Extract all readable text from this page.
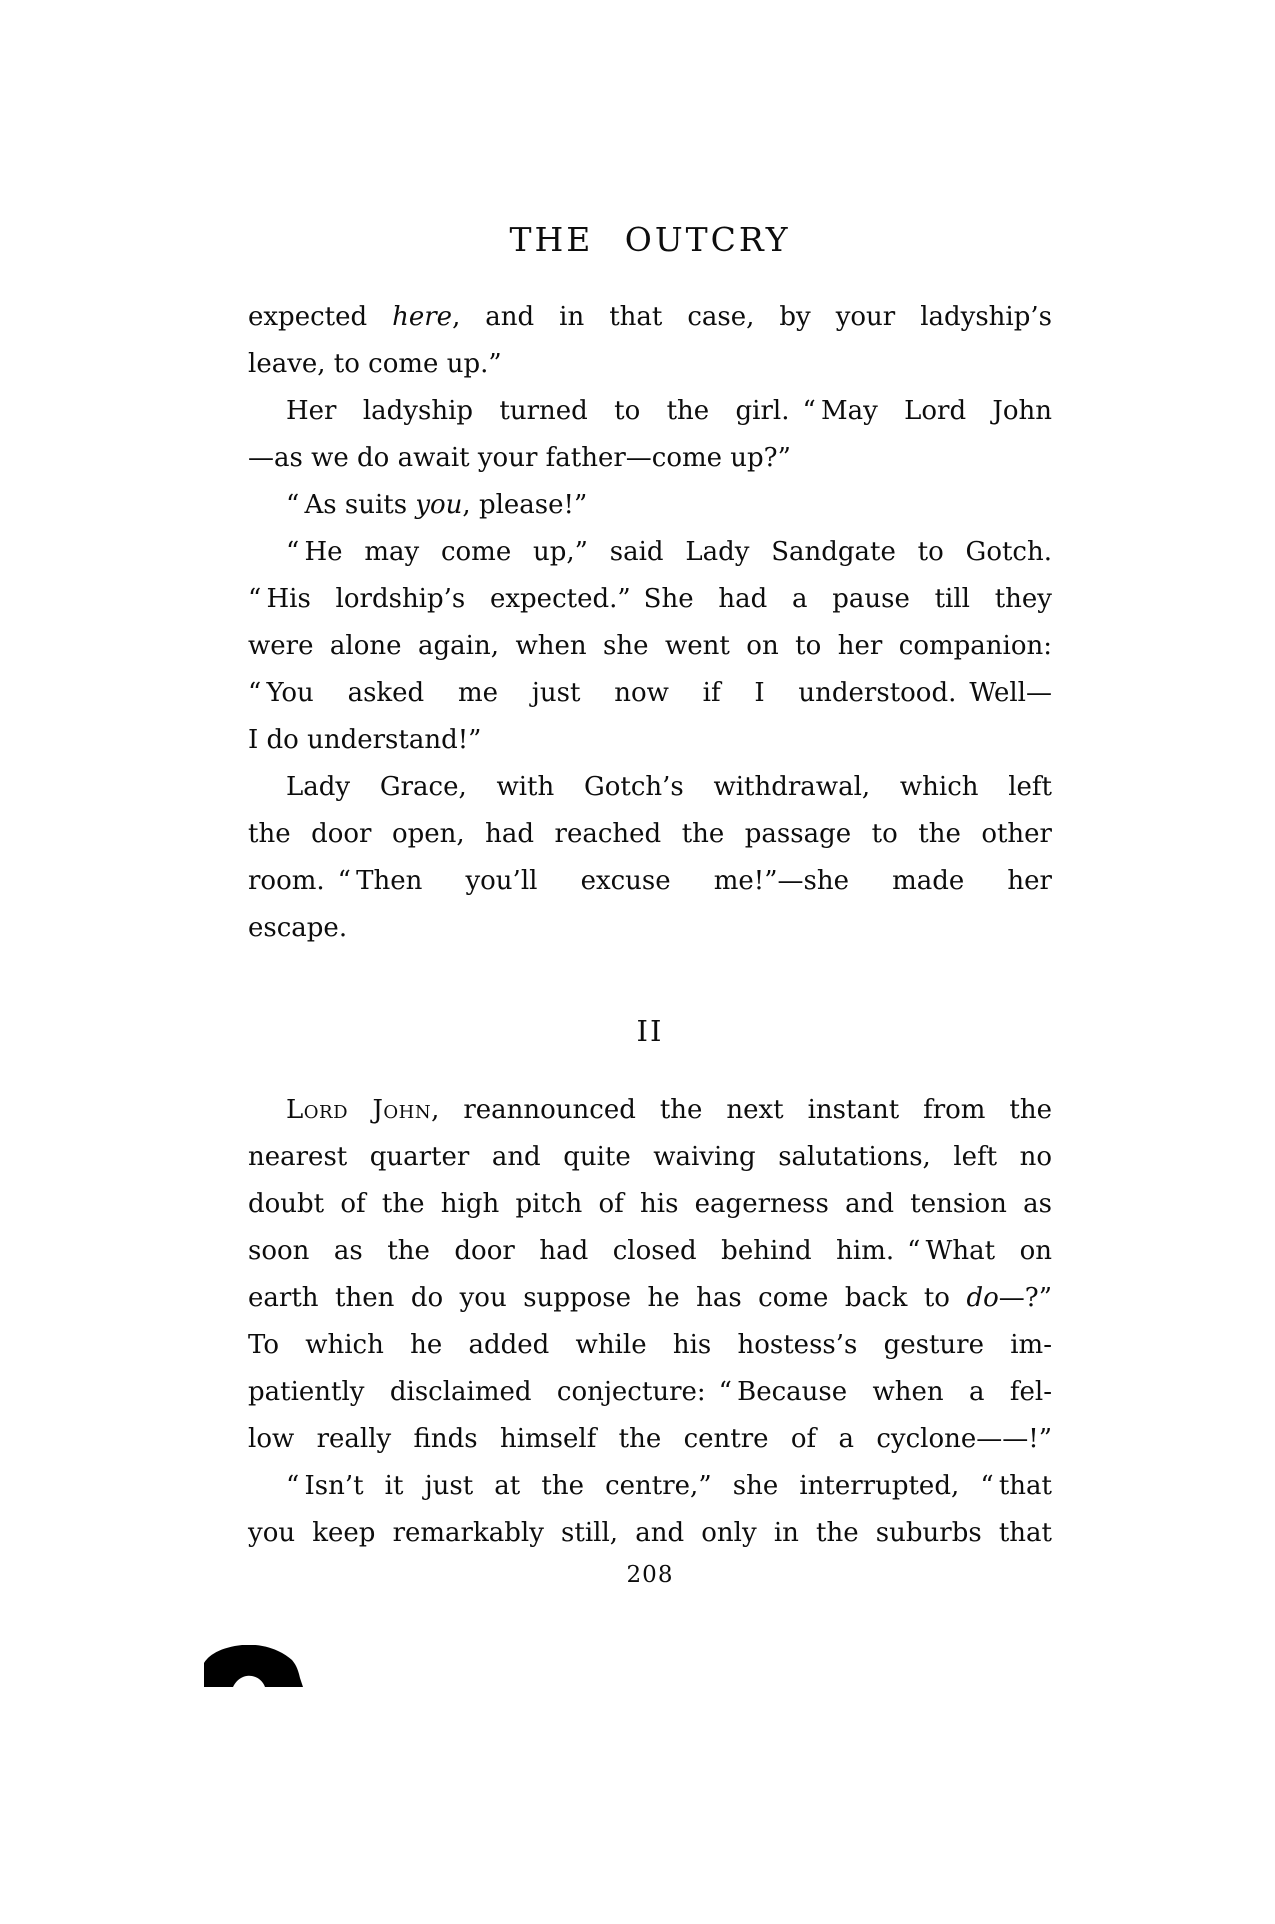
THE OUTCRY
expected here, and in that case, by your ladyship’s
leave, to come up.”
Her ladyship turned to the girl. “ May Lord John
—as we do await your father—come up?”
“ As suits you, please!”
“ He may come up,” said Lady Sandgate to Gotch.
“ His lordship’s expected.” She had a pause till they
were alone again, when she went on to her companion:
“ You asked me just now if I understood. Well—
I do understand!”
Lady Grace, with Gotch’s withdrawal, which left
the door open, had reached the passage to the other
room. “ Then you’ll excuse me!”—she made her
escape.
II
Lord John, reannounced the next instant from the
nearest quarter and quite waiving salutations, left no
doubt of the high pitch of his eagerness and tension as
soon as the door had closed behind him. “ What on
earth then do you suppose he has come back to do—?”
To which he added while his hostess’s gesture im-
patiently disclaimed conjecture: “ Because when a fel-
low really finds himself the centre of a cyclone——!”
“ Isn’t it just at the centre,” she interrupted, “ that
you keep remarkably still, and only in the suburbs that
208
